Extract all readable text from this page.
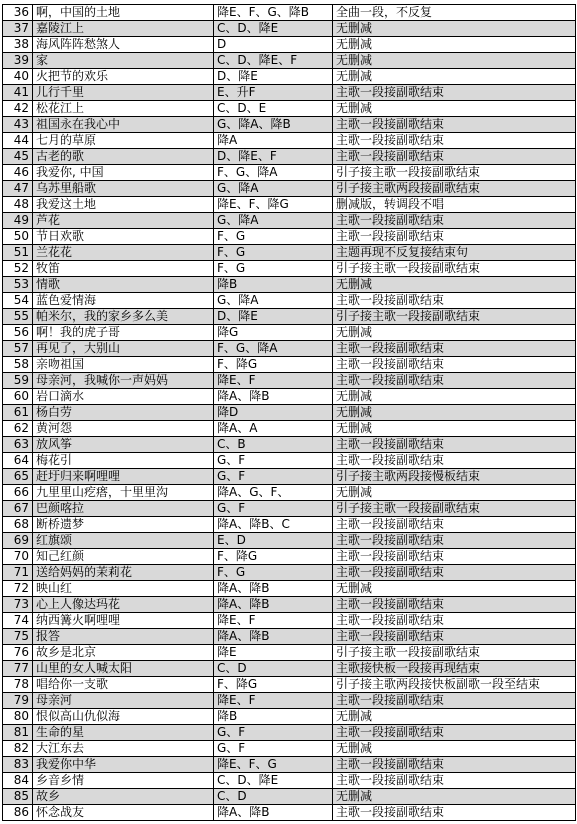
36	啊，中国的土地	降E、F、G、降B	全曲一段，不反复
37	嘉陵江上	C、D、降E	无删减
38	海风阵阵愁煞人	D	无删减
39	家	C、D、降E、F	无删减
40	火把节的欢乐	D、降E	无删减
41	儿行千里	E、升F	主歌一段接副歌结束
42	松花江上	C、D、E	无删减
43	祖国永在我心中	G、降A、降B	主歌一段接副歌结束
44	七月的草原	降A	主歌一段接副歌结束
45	古老的歌	D、降E、F	主歌一段接副歌结束
46	我爱你, 中国	F、G、降A	引子接主歌一段接副歌结束
47	乌苏里船歌	G、降A	引子接主歌两段接副歌结束
48	我爱这土地	降E、F、降G	删减版，转调段不唱
49	芦花	G、降A	主歌一段接副歌结束
50	节日欢歌	F、G	主歌一段接副歌结束
51	兰花花	F、G	主题再现不反复接结束句
52	牧笛	F、G	引子接主歌一段接副歌结束
53	情歌	降B	无删减
54	蓝色爱情海	G、降A	主歌一段接副歌结束
55	帕米尔，我的家乡多么美	D、降E	引子接主歌一段接副歌结束
56	啊！我的虎子哥	降G	无删减
57	再见了，大别山	F、G、降A	主歌一段接副歌结束
58	亲吻祖国	F、降G	主歌一段接副歌结束
59	母亲河，我喊你一声妈妈	降E、F	主歌一段接副歌结束
60	岩口滴水	降A、降B	无删减
61	杨白劳	降D	无删减
62	黄河怨	降A、A	无删减
63	放风筝	C、B	主歌一段接副歌结束
64	梅花引	G、F	主歌一段接副歌结束
65	赶圩归来啊哩哩	G、F	引子接主歌两段接慢板结束
66	九里里山疙瘩，十里里沟	降A、G、F、	无删减
67	巴颜喀拉	G、F	引子接主歌一段接副歌结束
68	断桥遗梦	降A、降B、C	主歌一段接副歌结束
69	红旗颂	E、D	主歌一段接副歌结束
70	知己红颜	F、降G	主歌一段接副歌结束
71	送给妈妈的茉莉花	F、G	主歌一段接副歌结束
72	映山红	降A、降B	无删减
73	心上人像达玛花	降A、降B	主歌一段接副歌结束
74	纳西篝火啊哩哩	降E、F	主歌一段接副歌结束
75	报答	降A、降B	主歌一段接副歌结束
76	故乡是北京	降E	引子接主歌一段接副歌结束
77	山里的女人喊太阳	C、D	主歌接快板一段接再现结束
78	唱给你一支歌	F、降G	引子接主歌两段接快板副歌一段至结束
79	母亲河	降E、F	主歌一段接副歌结束
80	恨似高山仇似海	降B	无删减
81	生命的星	G、F	主歌一段接副歌结束
82	大江东去	G、F	无删减
83	我爱你中华	降E、F、G	主歌一段接副歌结束
84	乡音乡情	C、D、降E	主歌一段接副歌结束
85	故乡	C、D	无删减
86	怀念战友	降A、降B	主歌一段接副歌结束
